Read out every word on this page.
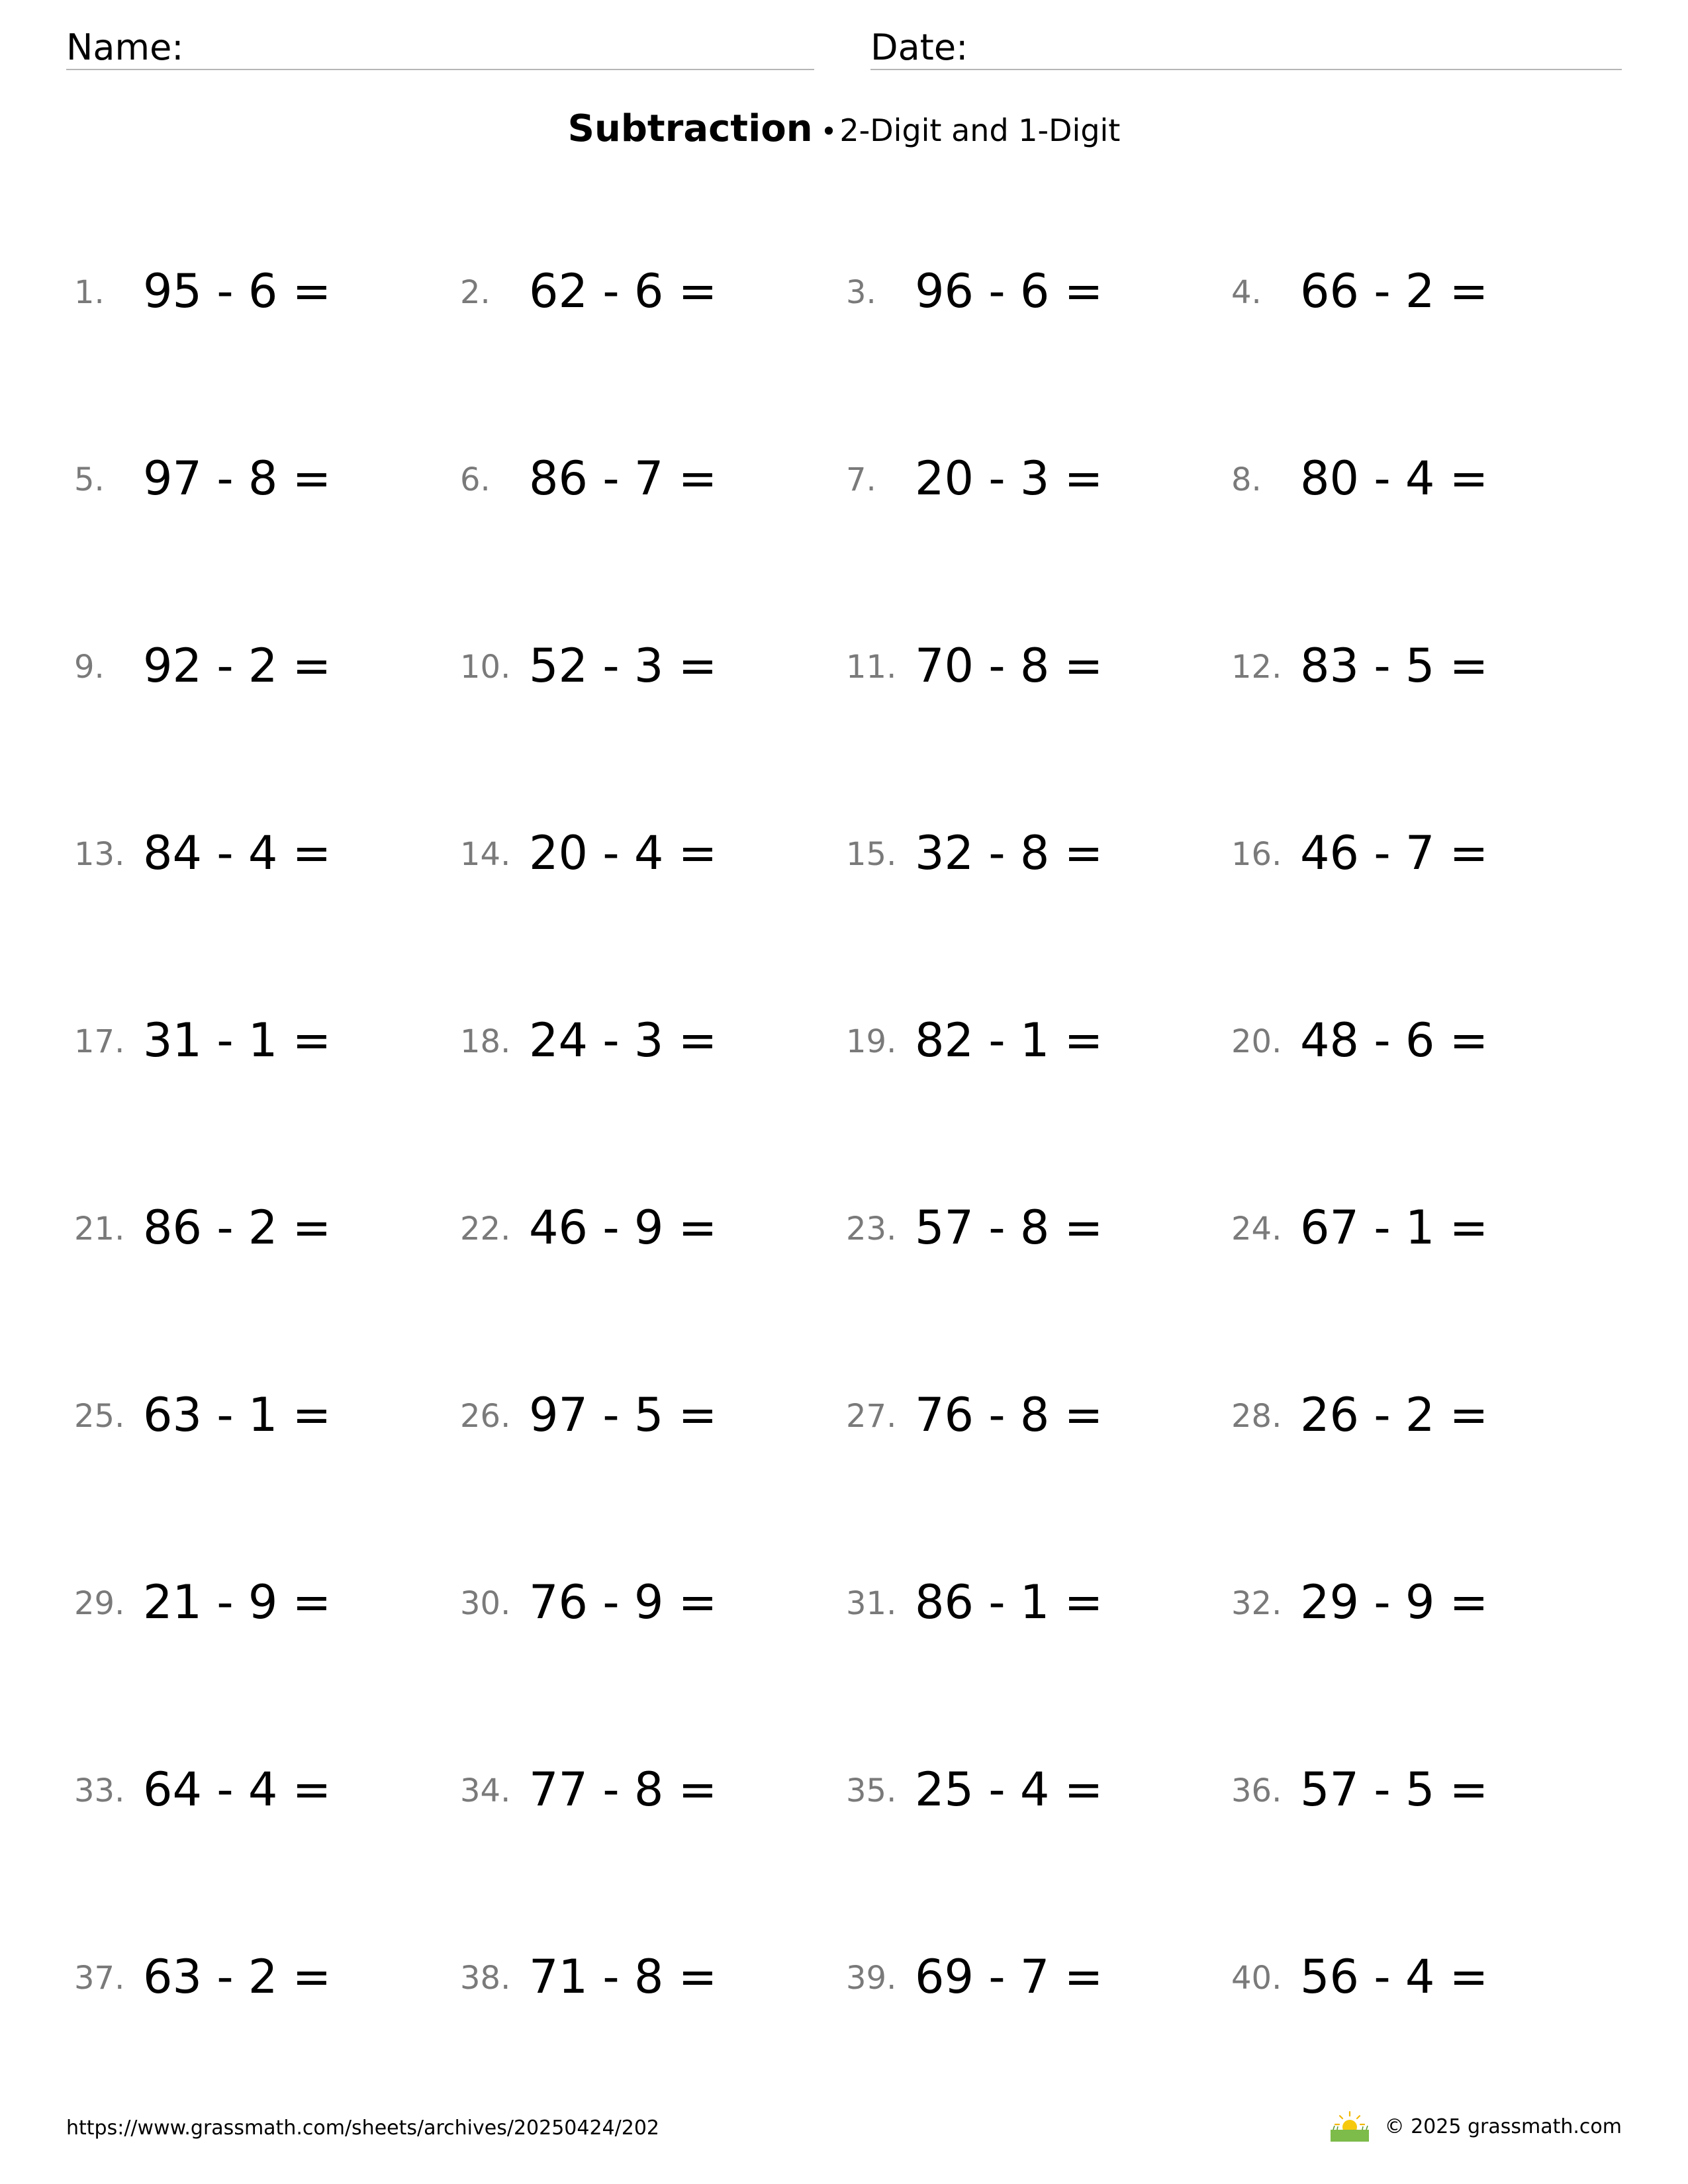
Name:	Date:
Subtraction •2-Digit and 1-Digit
1. 95 - 6 =	2. 62 - 6 =	3. 96 - 6 =	4. 66 - 2 =
5. 97 - 8 =	6. 86 - 7 =	7. 20 - 3 =	8. 80 - 4 =
9. 92 - 2 =	10. 52 - 3 =	11. 70 - 8 =	12. 83 - 5 =
13. 84 - 4 =	14. 20 - 4 =	15. 32 - 8 =	16. 46 - 7 =
17. 31 - 1 =	18. 24 - 3 =	19. 82 - 1 =	20. 48 - 6 =
21. 86 - 2 =	22. 46 - 9 =	23. 57 - 8 =	24. 67 - 1 =
25. 63 - 1 =	26. 97 - 5 =	27. 76 - 8 =	28. 26 - 2 =
29. 21 - 9 =	30. 76 - 9 =	31. 86 - 1 =	32. 29 - 9 =
33. 64 - 4 =	34. 77 - 8 =	35. 25 - 4 =	36. 57 - 5 =
37. 63 - 2 =	38. 71 - 8 =	39. 69 - 7 =	40. 56 - 4 =
https://www.grassmath.com/sheets/archives/20250424/202	© 2025 grassmath.com
